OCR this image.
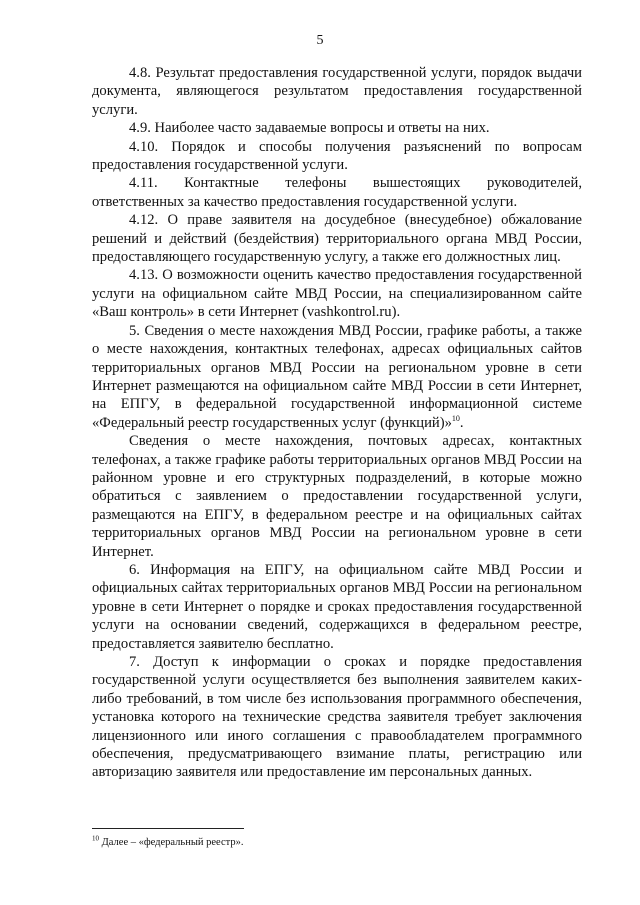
5

4.8. Результат предоставления государственной услуги, порядок выдачи документа, являющегося результатом предоставления государственной услуги.

4.9. Наиболее часто задаваемые вопросы и ответы на них.

4.10. Порядок и способы получения разъяснений по вопросам предоставления государственной услуги.

4.11. Контактные телефоны вышестоящих руководителей, ответственных за качество предоставления государственной услуги.

4.12. О праве заявителя на досудебное (внесудебное) обжалование решений и действий (бездействия) территориального органа МВД России, предоставляющего государственную услугу, а также его должностных лиц.

4.13. О возможности оценить качество предоставления государственной услуги на официальном сайте МВД России, на специализированном сайте «Ваш контроль» в сети Интернет (vashkontrol.ru).

5. Сведения о месте нахождения МВД России, графике работы, а также о месте нахождения, контактных телефонах, адресах официальных сайтов территориальных органов МВД России на региональном уровне в сети Интернет размещаются на официальном сайте МВД России в сети Интернет, на ЕПГУ, в федеральной государственной информационной системе «Федеральный реестр государственных услуг (функций)»$^{10}$.

Сведения о месте нахождения, почтовых адресах, контактных телефонах, а также графике работы территориальных органов МВД России на районном уровне и его структурных подразделений, в которые можно обратиться с заявлением о предоставлении государственной услуги, размещаются на ЕПГУ, в федеральном реестре и на официальных сайтах территориальных органов МВД России на региональном уровне в сети Интернет.

6. Информация на ЕПГУ, на официальном сайте МВД России и официальных сайтах территориальных органов МВД России на региональном уровне в сети Интернет о порядке и сроках предоставления государственной услуги на основании сведений, содержащихся в федеральном реестре, предоставляется заявителю бесплатно.

7. Доступ к информации о сроках и порядке предоставления государственной услуги осуществляется без выполнения заявителем каких-либо требований, в том числе без использования программного обеспечения, установка которого на технические средства заявителя требует заключения лицензионного или иного соглашения с правообладателем программного обеспечения, предусматривающего взимание платы, регистрацию или авторизацию заявителя или предоставление им персональных данных.

$^{10}$ Далее – «федеральный реестр».
